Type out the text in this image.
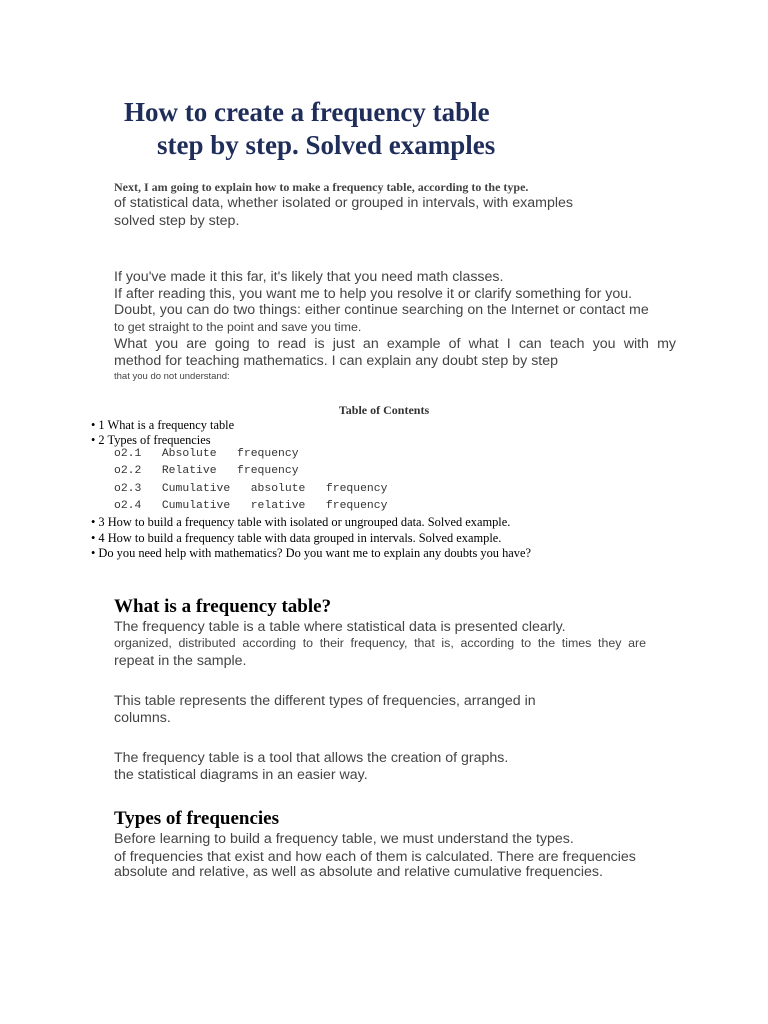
How to create a frequency table
step by step. Solved examples
Next, I am going to explain how to make a frequency table, according to the type.
of statistical data, whether isolated or grouped in intervals, with examples
solved step by step.
If you've made it this far, it's likely that you need math classes.
If after reading this, you want me to help you resolve it or clarify something for you.
Doubt, you can do two things: either continue searching on the Internet or contact me
to get straight to the point and save you time.
What you are going to read is just an example of what I can teach you with my
method for teaching mathematics. I can explain any doubt step by step
that you do not understand:
Table of Contents
• 1 What is a frequency table
• 2 Types of frequencies
o2.1   Absolute   frequency
o2.2   Relative   frequency
o2.3   Cumulative   absolute   frequency
o2.4   Cumulative   relative   frequency
• 3 How to build a frequency table with isolated or ungrouped data. Solved example.
• 4 How to build a frequency table with data grouped in intervals. Solved example.
• Do you need help with mathematics? Do you want me to explain any doubts you have?
What is a frequency table?
The frequency table is a table where statistical data is presented clearly.
organized, distributed according to their frequency, that is, according to the times they are
repeat in the sample.
This table represents the different types of frequencies, arranged in
columns.
The frequency table is a tool that allows the creation of graphs.
the statistical diagrams in an easier way.
Types of frequencies
Before learning to build a frequency table, we must understand the types.
of frequencies that exist and how each of them is calculated. There are frequencies
absolute and relative, as well as absolute and relative cumulative frequencies.
